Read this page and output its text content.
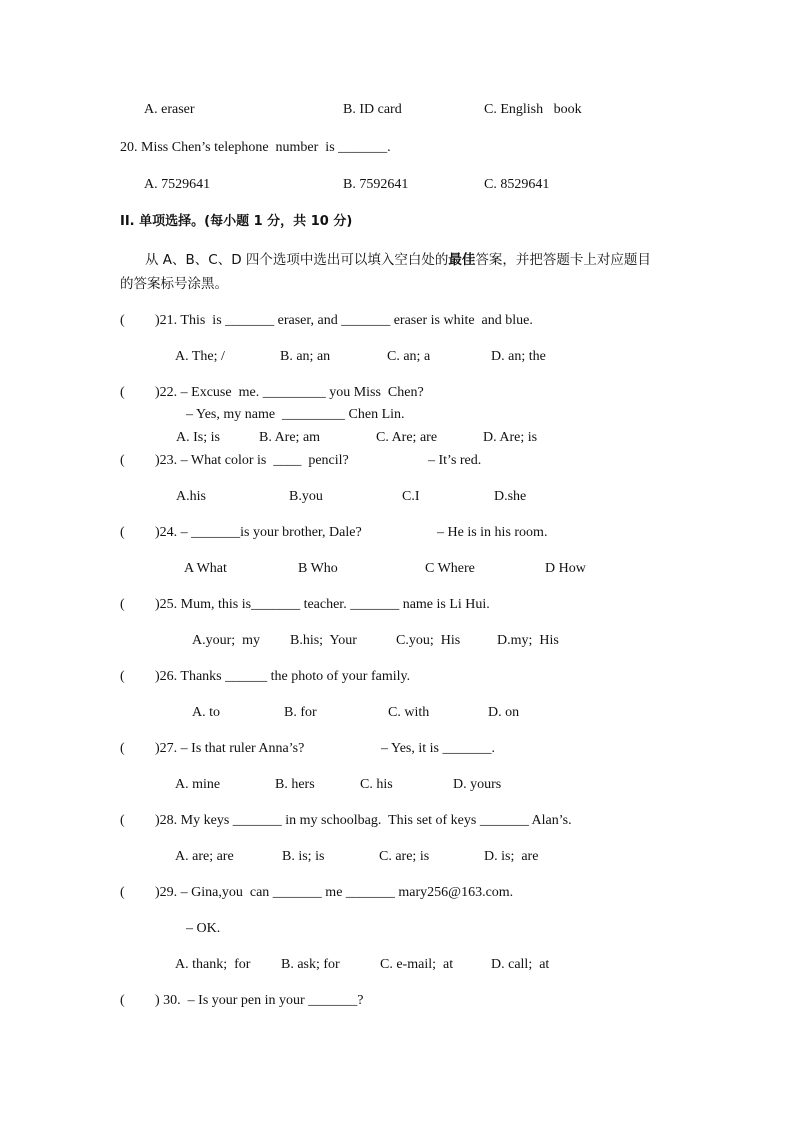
A. eraser	B. ID card	C. English   book
20. Miss Chen’s telephone  number  is _______.
A. 7529641	B. 7592641	C. 8529641
II. 单项选择。(每小题 1 分，共 10 分)
从 A、B、C、D 四个选项中选出可以填入空白处的最佳答案，并把答题卡上对应题目
的答案标号涂黑。
( )21. This  is _______ eraser, and _______ eraser is white  and blue.
A. The; /	B. an; an	C. an; a	D. an; the
( )22. – Excuse  me. _________ you Miss  Chen?
– Yes, my name  _________ Chen Lin.
A. Is; is	B. Are; am	C. Are; are	D. Are; is
( )23. – What color is  ____  pencil?	– It’s red.
A.his	B.you	C.I	D.she
( )24. – _______is your brother, Dale?	– He is in his room.
A What	B Who	C Where	D How
( )25. Mum, this is_______ teacher. _______ name is Li Hui.
A.your;  my B.his;  Your	C.you;  His	D.my;  His
( )26. Thanks ______ the photo of your family.
A. to	B. for	C. with	D. on
( )27. – Is that ruler Anna’s?	– Yes, it is _______.
A. mine	B. hers	C. his	D. yours
( )28. My keys _______ in my schoolbag.  This set of keys _______ Alan’s.
A. are; are	B. is; is	C. are; is	D. is;  are
( )29. – Gina,you  can _______ me _______ mary256@163.com.
– OK.
A. thank;  for B. ask; for	C. e-mail;  at	D. call;  at
( ) 30.  – Is your pen in your _______?
